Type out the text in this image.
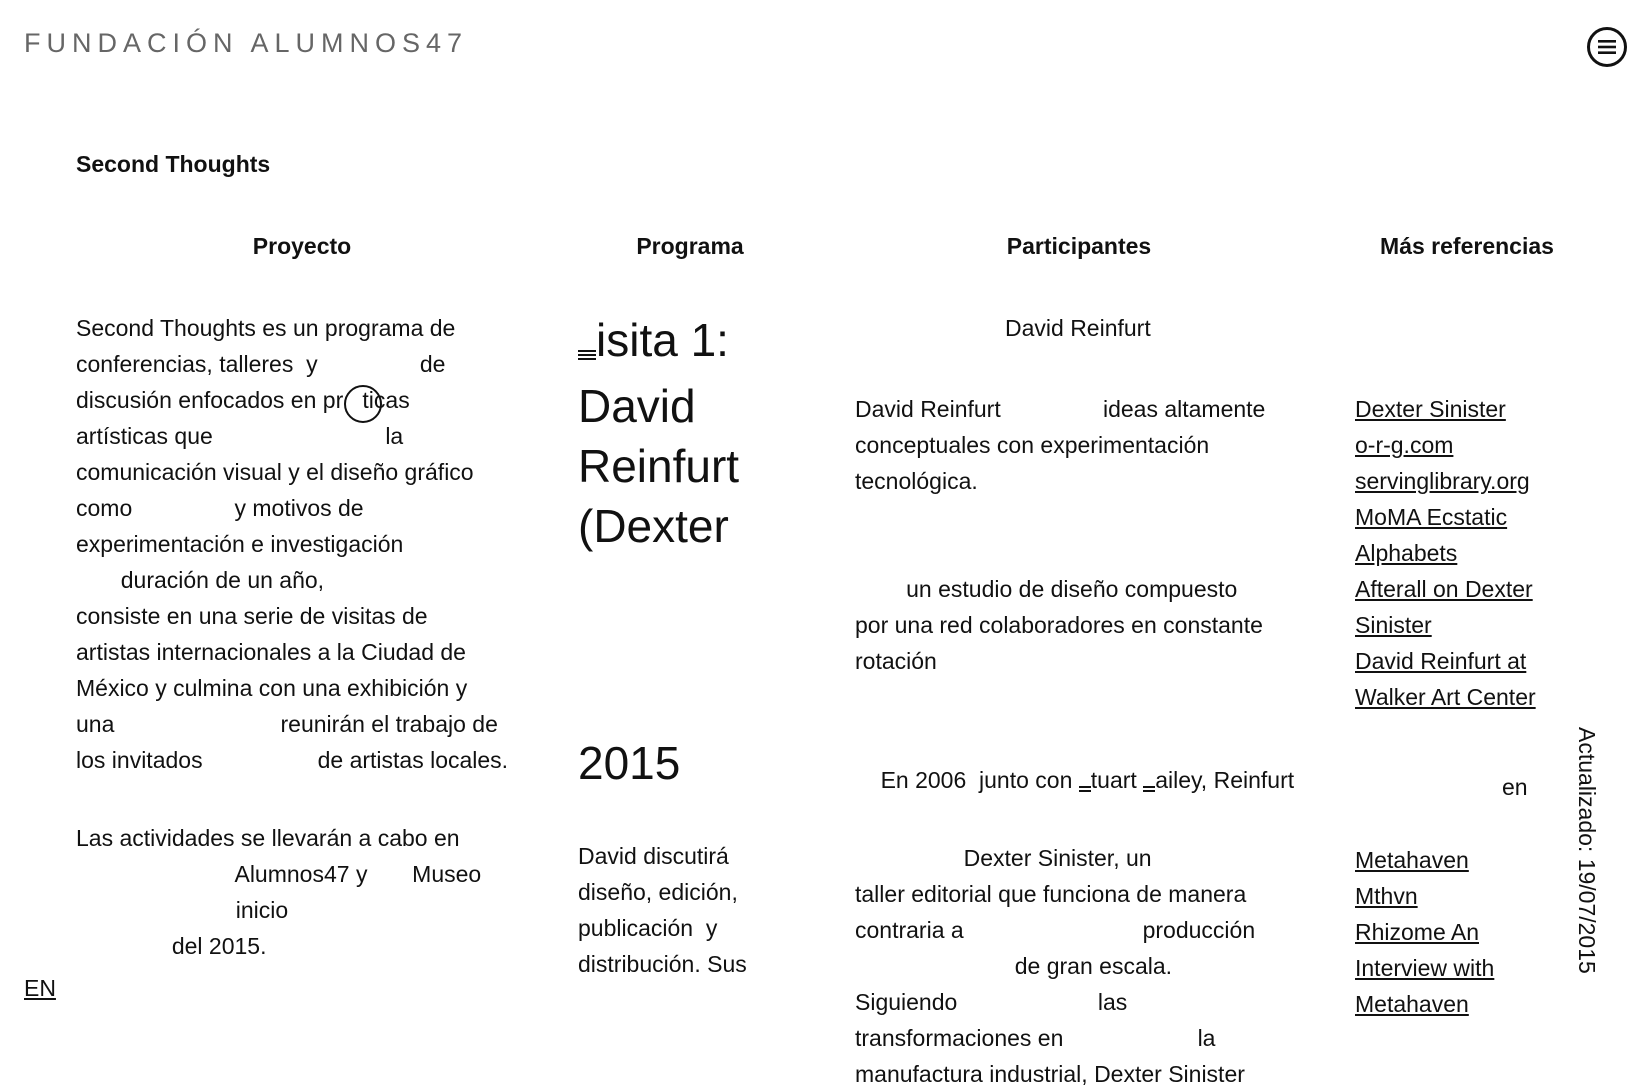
FUNDACIÓN ALUMNOS47
Second Thoughts
Proyecto	Programa	Participantes	Más referencias
Second Thoughts es un programa de
conferencias, talleres  y                de
discusión enfocados en pr   ticas
artísticas que                           la
comunicación visual y el diseño gráfico
como                y motivos de
experimentación e investigación
duración de un año,
consiste en una serie de visitas de
artistas internacionales a la Ciudad de
México y culmina con una exhibición y
una                          reunirán el trabajo de
los invitados                  de artistas locales.
Las actividades se llevarán a cabo en
Alumnos47 y       Museo
inicio
del 2015.
isita 1:
David
Reinfurt
(Dexter
2015
David discutirá
diseño, edición,
publicación  y
distribución. Sus
David Reinfurt
David Reinfurt                ideas altamente
conceptuales con experimentación
tecnológica.
un estudio de diseño compuesto
por una red colaboradores en constante
rotación

En 2006  junto con tuart ailey, Reinfurt

Dexter Sinister, un
taller editorial que funciona de manera
contraria a                            producción
de gran escala.
Siguiendo                      las
transformaciones en                     la
manufactura industrial, Dexter Sinister
Dexter Sinister
o-r-g.com
servinglibrary.org
MoMA Ecstatic
Alphabets
Afterall on Dexter
Sinister
David Reinfurt at
Walker Art Center
en
Metahaven
Mthvn
Rhizome An
Interview with
Metahaven
EN
Actualizado: 19/07/2015
